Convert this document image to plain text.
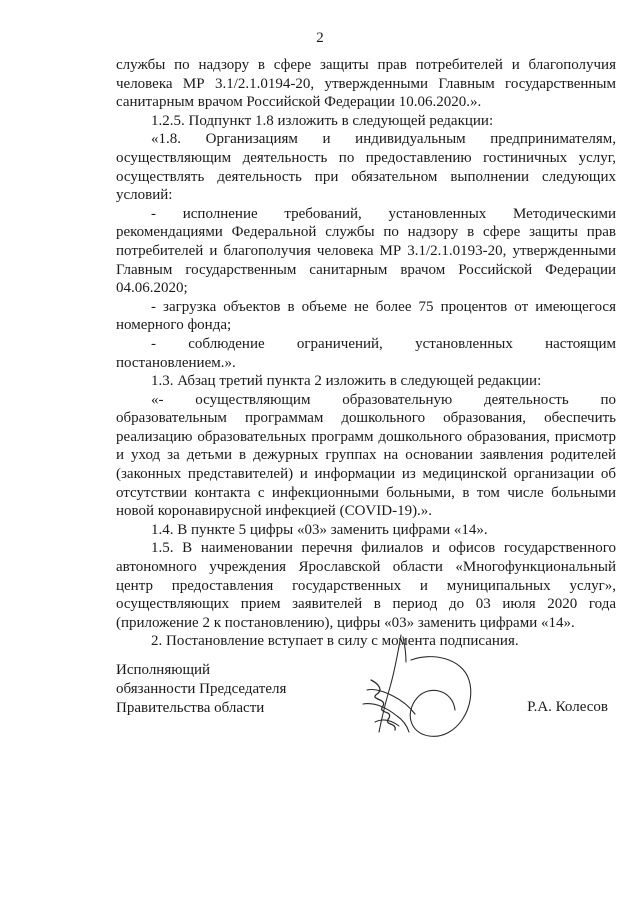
2

службы по надзору в сфере защиты прав потребителей и благополучия человека МР 3.1/2.1.0194-20, утвержденными Главным государственным санитарным врачом Российской Федерации 10.06.2020.».

1.2.5. Подпункт 1.8 изложить в следующей редакции:

«1.8. Организациям и индивидуальным предпринимателям, осуществляющим деятельность по предоставлению гостиничных услуг, осуществлять деятельность при обязательном выполнении следующих условий:

- исполнение требований, установленных Методическими рекомендациями Федеральной службы по надзору в сфере защиты прав потребителей и благополучия человека МР 3.1/2.1.0193-20, утвержденными Главным государственным санитарным врачом Российской Федерации 04.06.2020;

- загрузка объектов в объеме не более 75 процентов от имеющегося номерного фонда;

- соблюдение ограничений, установленных настоящим постановлением.».

1.3. Абзац третий пункта 2 изложить в следующей редакции:

«- осуществляющим образовательную деятельность по образовательным программам дошкольного образования, обеспечить реализацию образовательных программ дошкольного образования, присмотр и уход за детьми в дежурных группах на основании заявления родителей (законных представителей) и информации из медицинской организации об отсутствии контакта с инфекционными больными, в том числе больными новой коронавирусной инфекцией (COVID-19).».

1.4. В пункте 5 цифры «03» заменить цифрами «14».

1.5. В наименовании перечня филиалов и офисов государственного автономного учреждения Ярославской области «Многофункциональный центр предоставления государственных и муниципальных услуг», осуществляющих прием заявителей в период до 03 июля 2020 года (приложение 2 к постановлению), цифры «03» заменить цифрами «14».

2. Постановление вступает в силу с момента подписания.

Исполняющий
обязанности Председателя
Правительства области	Р.А. Колесов
